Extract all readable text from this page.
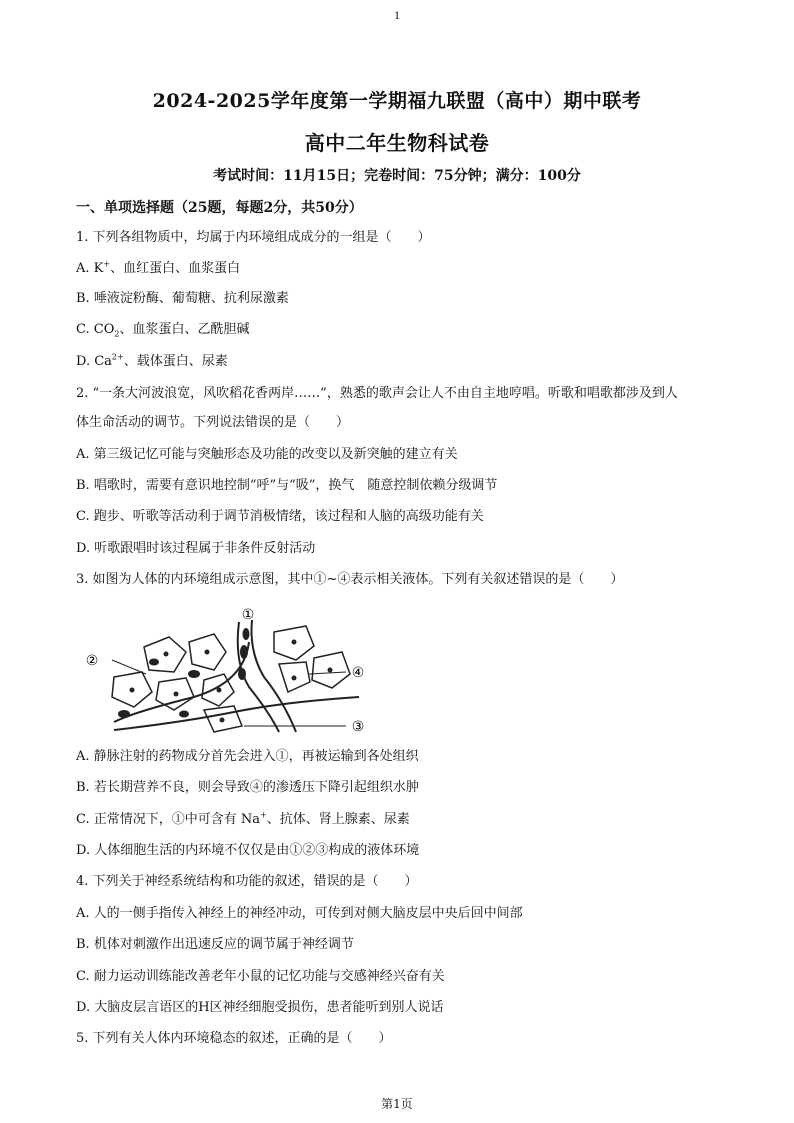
1
2024-2025学年度第一学期福九联盟（高中）期中联考
高中二年生物科试卷
考试时间：11月15日；完卷时间：75分钟；满分：100分
一、单项选择题（25题，每题2分，共50分）
1. 下列各组物质中，均属于内环境组成成分的一组是（　　）
A. K+、血红蛋白、血浆蛋白
B. 唾液淀粉酶、葡萄糖、抗利尿激素
C. $CO_2$、血浆蛋白、乙酰胆碱
D. $Ca^{2+}$、载体蛋白、尿素
2. “一条大河波浪宽，风吹稻花香两岸……”，熟悉的歌声会让人不由自主地哼唱。听歌和唱歌都涉及到人
体生命活动的调节。下列说法错误的是（　　）
A. 第三级记忆可能与突触形态及功能的改变以及新突触的建立有关
B. 唱歌时，需要有意识地控制“呼”与“吸”，换气　随意控制依赖分级调节
C. 跑步、听歌等活动利于调节消极情绪，该过程和人脑的高级功能有关
D. 听歌跟唱时该过程属于非条件反射活动
3. 如图为人体的内环境组成示意图，其中①~④表示相关液体。下列有关叙述错误的是（　　）
①
②
③
④
A. 静脉注射的药物成分首先会进入①，再被运输到各处组织
B. 若长期营养不良，则会导致④的渗透压下降引起组织水肿
C. 正常情况下，①中可含有 Na+、抗体、肾上腺素、尿素
D. 人体细胞生活的内环境不仅仅是由①②③构成的液体环境
4. 下列关于神经系统结构和功能的叙述，错误的是（　　）
A. 人的一侧手指传入神经上的神经冲动，可传到对侧大脑皮层中央后回中间部
B. 机体对刺激作出迅速反应的调节属于神经调节
C. 耐力运动训练能改善老年小鼠的记忆功能与交感神经兴奋有关
D. 大脑皮层言语区的H区神经细胞受损伤，患者能听到别人说话
5. 下列有关人体内环境稳态的叙述，正确的是（　　）
第1页
